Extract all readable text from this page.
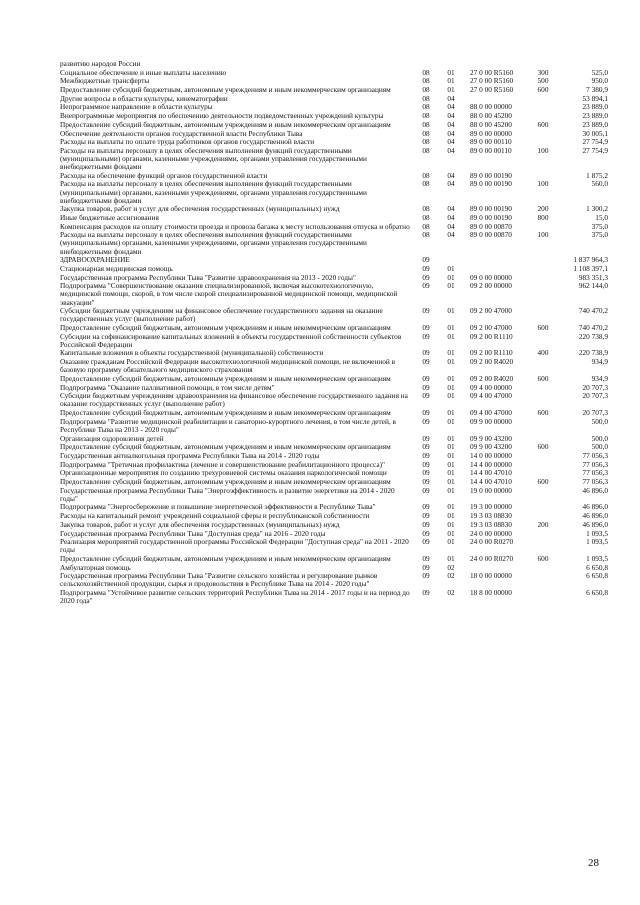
развитию народов России					
Социальное обеспечение и иные выплаты населению	08	01	27 0 00 R5160	300	525,0
Межбюджетные трансферты	08	01	27 0 00 R5160	500	950,0
Предоставление субсидий бюджетным, автономным учреждениям и иным некоммерческим организациям	08	01	27 0 00 R5160	600	7 380,9
Другие вопросы в области культуры, кинематографии	08	04			53 894,1
Непрограммное направление в области культуры	08	04	88 0 00 00000		23 889,0
Внепрограммные мероприятия по обеспечению деятельности подведомственных учреждений культуры	08	04	88 0 00 45200		23 889,0
Предоставление субсидий бюджетным, автономным учреждениям и иным некоммерческим организациям	08	04	88 0 00 45200	600	23 889,0
Обеспечение деятельности органов государственной власти Республики Тыва	08	04	89 0 00 00000		30 005,1
Расходы на выплаты по оплате труда работников органов государственной власти	08	04	89 0 00 00110		27 754,9
Расходы на выплаты персоналу в целях обеспечения выполнения функций государственными (муниципальными) органами, казенными учреждениями, органами управления государственными внебюджетными фондами	08	04	89 0 00 00110	100	27 754,9
Расходы на обеспечение функций органов государственной власти	08	04	89 0 00 00190		1 875,2
Расходы на выплаты персоналу в целях обеспечения выполнения функций государственными (муниципальными) органами, казенными учреждениями, органами управления государственными внебюджетными фондами	08	04	89 0 00 00190	100	560,0
Закупка товаров, работ и услуг для обеспечения государственных (муниципальных) нужд	08	04	89 0 00 00190	200	1 300,2
Иные бюджетные ассигнования	08	04	89 0 00 00190	800	15,0
Компенсация расходов на оплату стоимости проезда и провоза багажа к месту использования отпуска и обратно	08	04	89 0 00 00870		375,0
Расходы на выплаты персоналу в целях обеспечения выполнения функций государственными (муниципальными) органами, казенными учреждениями, органами управления государственными внебюджетными фондами	08	04	89 0 00 00870	100	375,0
ЗДРАВООХРАНЕНИЕ	09				1 837 964,3
Стационарная медицинская помощь	09	01			1 108 397,1
Государственная программа Республики Тыва "Развитие здравоохранения на 2013 - 2020 годы"	09	01	09 0 00 00000		983 351,3
Подпрограмма "Совершенствование оказания специализированной, включая высокотехнологичную, медицинской помощи, скорой, в том числе скорой специализированной медицинской помощи, медицинской эвакуации"	09	01	09 2 00 00000		962 144,0
Субсидии бюджетным учреждениям на финансовое обеспечение государственного задания на оказание государственных услуг (выполнение работ)	09	01	09 2 00 47000		740 470,2
Предоставление субсидий бюджетным, автономным учреждениям и иным некоммерческим организациям	09	01	09 2 00 47000	600	740 470,2
Субсидии на софинансирование капитальных вложений в объекты государственной собственности субъектов Российской Федерации	09	01	09 2 00 R1110		220 738,9
Капитальные вложения в объекты государственной (муниципальной) собственности	09	01	09 2 00 R1110	400	220 738,9
Оказание гражданам Российской Федерации высокотехнологичной медицинской помощи, не включенной в базовую программу обязательного медицинского страхования	09	01	09 2 00 R4020		934,9
Предоставление субсидий бюджетным, автономным учреждениям и иным некоммерческим организациям	09	01	09 2 00 R4020	600	934,9
Подпрограмма "Оказание паллиативной помощи, в том числе детям"	09	01	09 4 00 00000		20 707,3
Субсидии бюджетным учреждениям здравоохранения на финансовое обеспечение государственного задания на оказание государственных услуг (выполнение работ)	09	01	09 4 00 47000		20 707,3
Предоставление субсидий бюджетным, автономным учреждениям и иным некоммерческим организациям	09	01	09 4 00 47000	600	20 707,3
Подпрограмма "Развитие медицинской реабилитации и санаторно-курортного лечения, в том числе детей, в Республике Тыва на 2013 - 2020 годы"	09	01	09 9 00 00000		500,0
Организация оздоровления детей	09	01	09 9 00 43200		500,0
Предоставление субсидий бюджетным, автономным учреждениям и иным некоммерческим организациям	09	01	09 9 00 43200	600	500,0
Государственная антиалкогольная программа Республики Тыва на 2014 - 2020 годы	09	01	14 0 00 00000		77 056,3
Подпрограмма "Третичная профилактика (лечение и совершенствование реабилитационного процесса)"	09	01	14 4 00 00000		77 056,3
Организационные мероприятия по созданию трехуровневой системы оказания наркологической помощи	09	01	14 4 00 47010		77 056,3
Предоставление субсидий бюджетным, автономным учреждениям и иным некоммерческим организациям	09	01	14 4 00 47010	600	77 056,3
Государственная программа Республики Тыва "Энергоэффективность и развитие энергетики на 2014 - 2020 годы"	09	01	19 0 00 00000		46 896,0
Подпрограмма "Энергосбережение и повышение энергетической эффективности в Республике Тыва"	09	01	19 3 00 00000		46 896,0
Расходы на капитальный ремонт учреждений социальной сферы и республиканской собственности	09	01	19 3 03 08830		46 896,0
Закупка товаров, работ и услуг для обеспечения государственных (муниципальных) нужд	09	01	19 3 03 08830	200	46 896,0
Государственная программа Республики Тыва "Доступная среда" на 2016 - 2020 годы	09	01	24 0 00 00000		1 093,5
Реализация мероприятий государственной программы Российской Федерации "Доступная среда" на 2011 - 2020 годы	09	01	24 0 00 R0270		1 093,5
Предоставление субсидий бюджетным, автономным учреждениям и иным некоммерческим организациям	09	01	24 0 00 R0270	600	1 093,5
Амбулаторная помощь	09	02			6 650,8
Государственная программа Республики Тыва "Развитие сельского хозяйства и регулирование рынков сельскохозяйственной продукции, сырья и продовольствия в Республике Тыва на 2014 - 2020 годы"	09	02	18 0 00 00000		6 650,8
Подпрограмма "Устойчивое развитие сельских территорий Республики Тыва на 2014 - 2017 годы и на период до 2020 года"	09	02	18 8 00 00000		6 650,8
28
